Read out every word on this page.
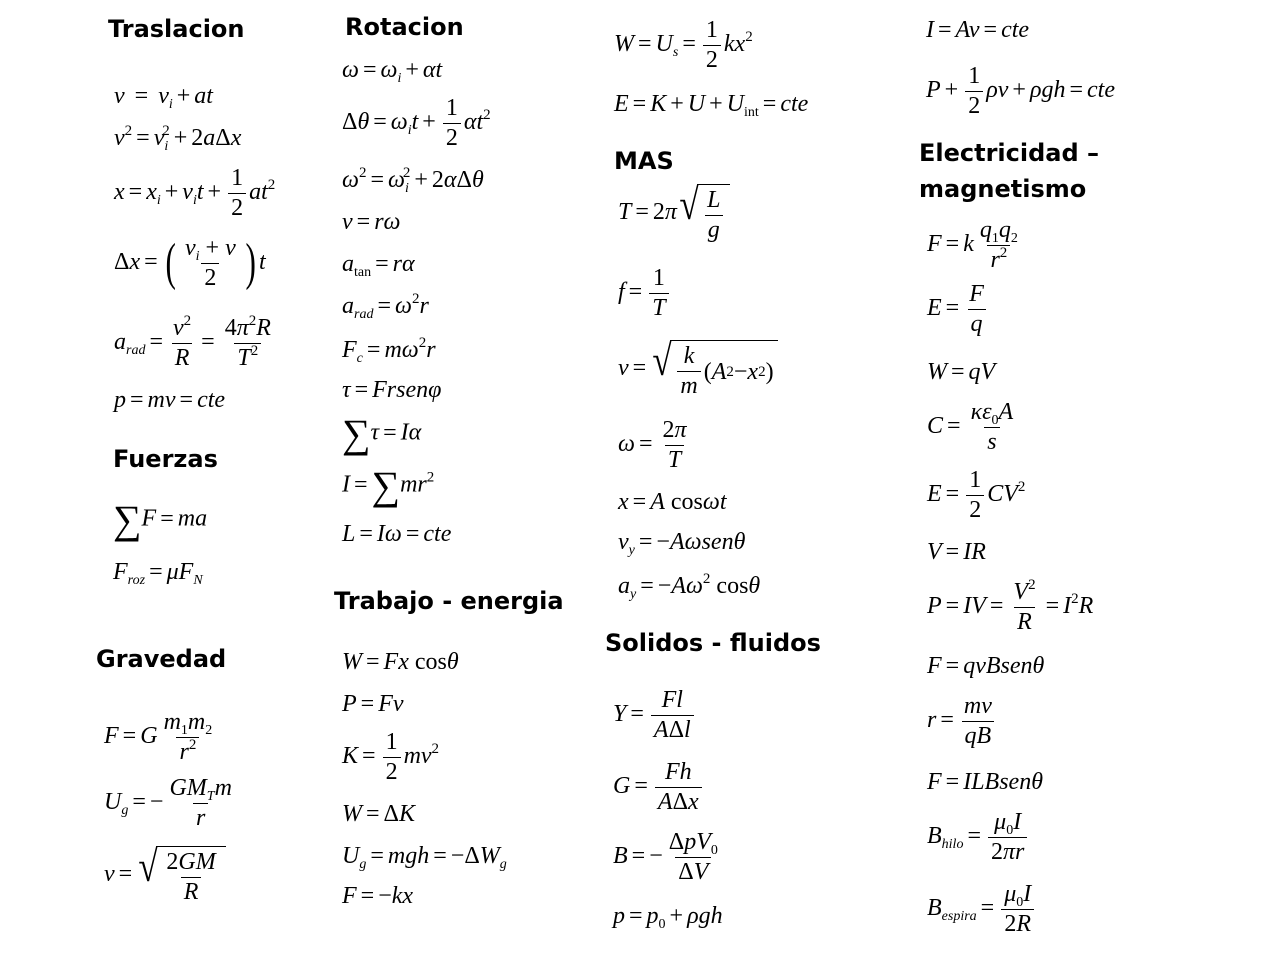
Traslacion
$v = v_i$ + at
$v^2 = v_i^2 + 2a\Delta x$
$x = x_i + v_it + \frac{1}{2} at^2$
Δx = ( $\frac{v_i + v}{2}$ ) t
$a_{rad} = \frac{v^2}{R} = \frac{4\pi^2R}{T^2}$
p = mv = cte
Fuerzas
∑F = ma
$F_{roz} = \mu F_N$
Gravedad
F = G $\frac{m_1m_2}{r^2}$
$U_g$ = − $\frac{GM_Tm}{r}$
v = √ $\frac{2GM}{R}$
Rotacion
$\omega = \omega_i + \alpha t$
$\Delta\theta = \omega_it + \frac{1}{2} \alpha t^2$
$\omega^2 = \omega_i^2 + 2\alpha\Delta\theta$
v = rω
$a_{tan} = r\alpha$
$a_{rad} = \omega^2r$
$F_c = m\omega^2r$
τ = Frsenφ
∑τ = Iα
$I = \sum mr^2$
L = Iω = cte
Trabajo - energia
W = Fx cosθ
P = Fv
$K = \frac{1}{2} mv^2$
W = ΔK
$U_g$ = mgh = $-\Delta W_g$
F = −kx
$W = U_s = \frac{1}{2} kx^2$
$E = K + U + U_{int}$ = cte
MAS
T = 2π √ $\frac{L}{g}$
$f = \frac{1}{T}$
v = √ $\frac{k}{m}$ ( A 2 − x 2 )
$\omega = \frac{2\pi}{T}$
x = A cosωt
$v_y = -A\omega sen\theta$
$a_y = -A\omega^2$ cosθ
Solidos - fluidos
$Y = \frac{Fl}{\text{AΔl}}$
$G = \frac{Fh}{\text{AΔx}}$
B = − $\frac{\Delta pV_0}{\Delta V}$
$p = p_0 + \rho gh$
I = Av = cte
$P + \frac{1}{2}$ ρv + ρgh = cte
Electricidad –
magnetismo
F = k $\frac{q_1q_2}{r^2}$
$E = \frac{F}{q}$
W = qV
$C = \frac{\kappa\varepsilon_0A}{s}$
$E = \frac{1}{2} CV^2$
V = IR
P = IV = $\frac{V^2}{R} = I^2R$
F = qvBsenθ
$r = \frac{mv}{qB}$
F = ILBsenθ
$B_{hilo} = \frac{\mu_0I}{2\pi r}$
$B_{espira} = \frac{\mu_0I}{2R}$
